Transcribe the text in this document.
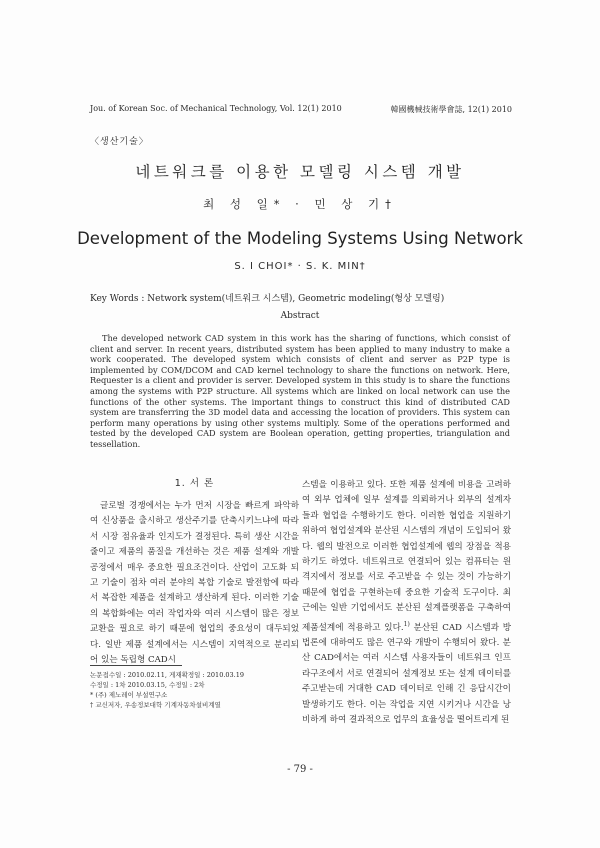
Jou. of Korean Soc. of Mechanical Technology, Vol. 12(1) 2010	韓國機械技術學會誌, 12(1) 2010
〈생산기술〉
네트워크를 이용한 모델링 시스템 개발
최 성 일* · 민 상 기†
Development of the Modeling Systems Using Network
S. I CHOI* · S. K. MIN†
Key Words : Network system(네트워크 시스템), Geometric modeling(형상 모델링)
Abstract

The developed network CAD system in this work has the sharing of functions, which consist of client and server. In recent years, distributed system has been applied to many industry to make a work cooperated. The developed system which consists of client and server as P2P type is implemented by COM/DCOM and CAD kernel technology to share the functions on network. Here, Requester is a client and provider is server. Developed system in this study is to share the functions among the systems with P2P structure. All systems which are linked on local network can use the functions of the other systems. The important things to construct this kind of distributed CAD system are transferring the 3D model data and accessing the location of providers. This system can perform many operations by using other systems multiply. Some of the operations performed and tested by the developed CAD system are Boolean operation, getting properties, triangulation and tessellation.

1. 서 론

글로벌 경쟁에서는 누가 먼저 시장을 빠르게 파악하여 신상품을 출시하고 생산주기를 단축시키느냐에 따라서 시장 점유율과 인지도가 결정된다. 특히 생산 시간을 줄이고 제품의 품질을 개선하는 것은 제품 설계와 개발 공정에서 매우 중요한 필요조건이다. 산업이 고도화 되고 기술이 점차 여러 분야의 복합 기술로 발전함에 따라서 복잡한 제품을 설계하고 생산하게 된다. 이러한 기술의 복합화에는 여러 작업자와 여러 시스템이 많은 정보교환을 필요로 하기 때문에 협업의 중요성이 대두되었다. 일반 제품 설계에서는 시스템이 지역적으로 분리되어 있는 독립형 CAD시

스템을 이용하고 있다. 또한 제품 설계에 비용을 고려하여 외부 업체에 일부 설계를 의뢰하거나 외부의 설계자들과 협업을 수행하기도 한다. 이러한 협업을 지원하기 위하여 협업설계와 분산된 시스템의 개념이 도입되어 왔다. 웹의 발전으로 이러한 협업설계에 웹의 장점을 적용하기도 하였다. 네트워크로 연결되어 있는 컴퓨터는 원격지에서 정보를 서로 주고받을 수 있는 것이 가능하기 때문에 협업을 구현하는데 중요한 기술적 도구이다. 최근에는 일반 기업에서도 분산된 설계플랫폼을 구축하여 제품설계에 적용하고 있다.$^{1)}$ 분산된 CAD 시스템과 방법론에 대하여도 많은 연구와 개발이 수행되어 왔다. 분산 CAD에서는 여러 시스템 사용자들이 네트워크 인프라구조에서 서로 연결되어 설계정보 또는 설계 데이터를 주고받는데 거대한 CAD 데이터로 인해 긴 응답시간이 발생하기도 한다. 이는 작업을 지연 시키거나 시간을 낭비하게 하여 결과적으로 업무의 효율성을 떨어트리게 된

논문접수일 : 2010.02.11, 게재확정일 : 2010.03.19
수정일 : 1차 2010.03.15, 수정일 : 2차
* (주) 제노레이 부설연구소
† 교신저자, 우송정보대학 기계자동차설비계열
- 79 -
